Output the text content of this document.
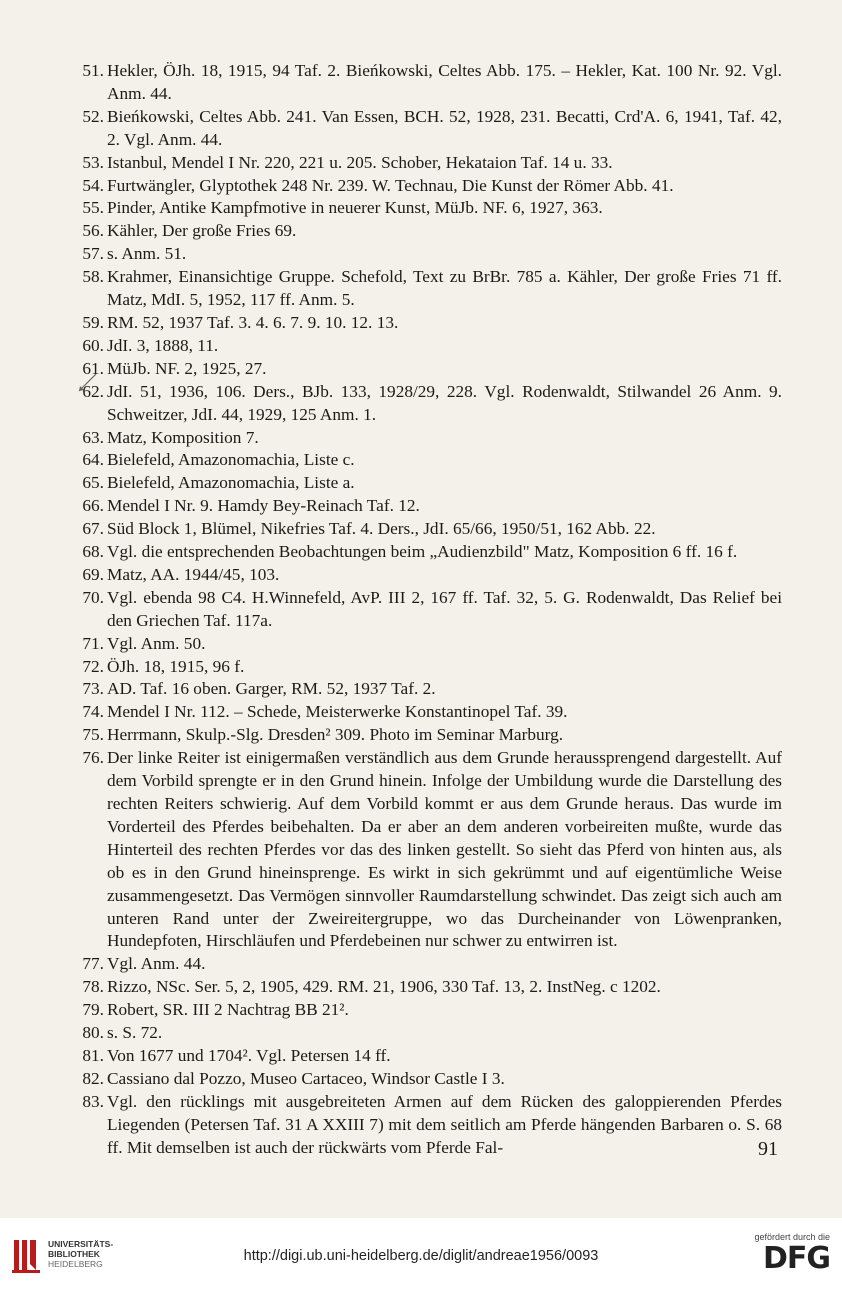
51. Hekler, ÖJh. 18, 1915, 94 Taf. 2. Bieńkowski, Celtes Abb. 175. – Hekler, Kat. 100 Nr. 92. Vgl. Anm. 44.
52. Bieńkowski, Celtes Abb. 241. Van Essen, BCH. 52, 1928, 231. Becatti, Crd'A. 6, 1941, Taf. 42, 2. Vgl. Anm. 44.
53. Istanbul, Mendel I Nr. 220, 221 u. 205. Schober, Hekataion Taf. 14 u. 33.
54. Furtwängler, Glyptothek 248 Nr. 239. W. Technau, Die Kunst der Römer Abb. 41.
55. Pinder, Antike Kampfmotive in neuerer Kunst, MüJb. NF. 6, 1927, 363.
56. Kähler, Der große Fries 69.
57. s. Anm. 51.
58. Krahmer, Einansichtige Gruppe. Schefold, Text zu BrBr. 785 a. Kähler, Der große Fries 71 ff. Matz, MdI. 5, 1952, 117 ff. Anm. 5.
59. RM. 52, 1937 Taf. 3. 4. 6. 7. 9. 10. 12. 13.
60. JdI. 3, 1888, 11.
61. MüJb. NF. 2, 1925, 27.
62. JdI. 51, 1936, 106. Ders., BJb. 133, 1928/29, 228. Vgl. Rodenwaldt, Stilwandel 26 Anm. 9. Schweitzer, JdI. 44, 1929, 125 Anm. 1.
63. Matz, Komposition 7.
64. Bielefeld, Amazonomachia, Liste c.
65. Bielefeld, Amazonomachia, Liste a.
66. Mendel I Nr. 9. Hamdy Bey-Reinach Taf. 12.
67. Süd Block 1, Blümel, Nikefries Taf. 4. Ders., JdI. 65/66, 1950/51, 162 Abb. 22.
68. Vgl. die entsprechenden Beobachtungen beim „Audienzbild" Matz, Komposition 6 ff. 16 f.
69. Matz, AA. 1944/45, 103.
70. Vgl. ebenda 98 C4. H.Winnefeld, AvP. III 2, 167 ff. Taf. 32, 5. G. Rodenwaldt, Das Relief bei den Griechen Taf. 117a.
71. Vgl. Anm. 50.
72. ÖJh. 18, 1915, 96 f.
73. AD. Taf. 16 oben. Garger, RM. 52, 1937 Taf. 2.
74. Mendel I Nr. 112. – Schede, Meisterwerke Konstantinopel Taf. 39.
75. Herrmann, Skulp.-Slg. Dresden² 309. Photo im Seminar Marburg.
76. Der linke Reiter ist einigermaßen verständlich aus dem Grunde heraussprengend dargestellt. Auf dem Vorbild sprengte er in den Grund hinein. Infolge der Umbildung wurde die Darstellung des rechten Reiters schwierig. Auf dem Vorbild kommt er aus dem Grunde heraus. Das wurde im Vorderteil des Pferdes beibehalten. Da er aber an dem anderen vorbeireiten mußte, wurde das Hinterteil des rechten Pferdes vor das des linken gestellt. So sieht das Pferd von hinten aus, als ob es in den Grund hineinsprenge. Es wirkt in sich gekrümmt und auf eigentümliche Weise zusammengesetzt. Das Vermögen sinnvoller Raumdarstellung schwindet. Das zeigt sich auch am unteren Rand unter der Zweireitergruppe, wo das Durcheinander von Löwenpranken, Hundepfoten, Hirschläufen und Pferdebeinen nur schwer zu entwirren ist.
77. Vgl. Anm. 44.
78. Rizzo, NSc. Ser. 5, 2, 1905, 429. RM. 21, 1906, 330 Taf. 13, 2. InstNeg. c 1202.
79. Robert, SR. III 2 Nachtrag BB 21².
80. s. S. 72.
81. Von 1677 und 1704². Vgl. Petersen 14 ff.
82. Cassiano dal Pozzo, Museo Cartaceo, Windsor Castle I 3.
83. Vgl. den rücklings mit ausgebreiteten Armen auf dem Rücken des galoppierenden Pferdes Liegenden (Petersen Taf. 31 A XXIII 7) mit dem seitlich am Pferde hängenden Barbaren o. S. 68 ff. Mit demselben ist auch der rückwärts vom Pferde Fal-	91
UNIVERSITÄTS-
BIBLIOTHEK
HEIDELBERG	http://digi.ub.uni-heidelberg.de/diglit/andreae1956/0093
gefördert durch die
DFG
